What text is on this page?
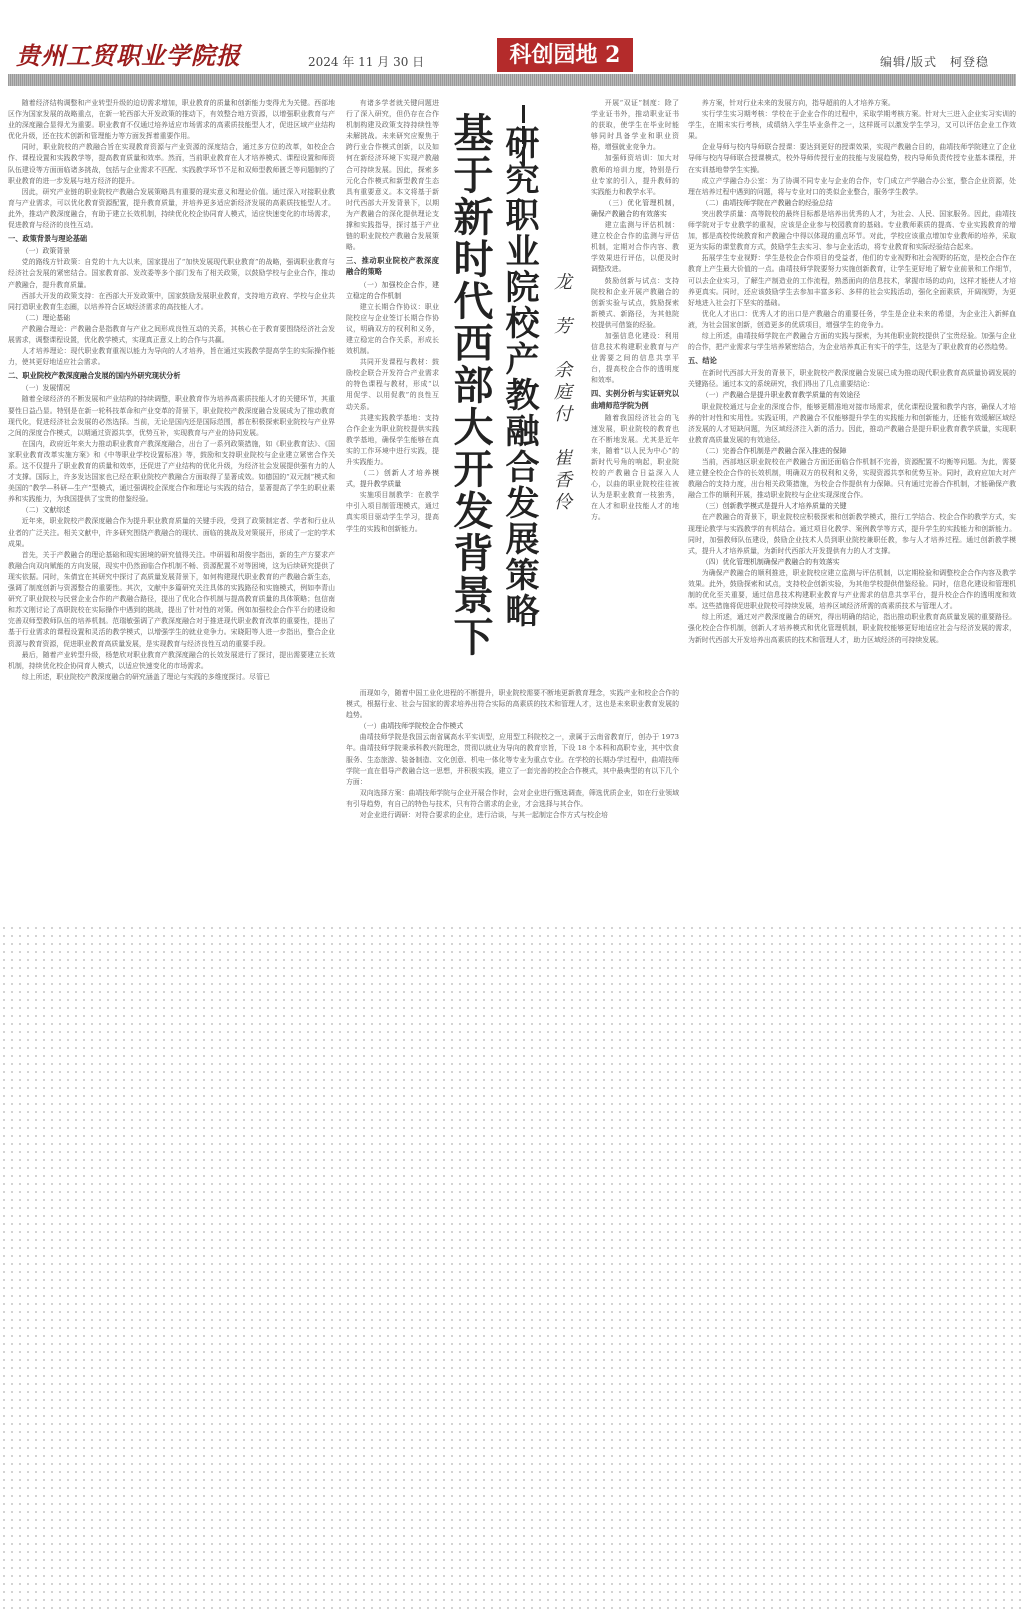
贵州工贸职业学院报	2024 年 11 月 30 日	科创园地 2	编辑/版式　柯登稳

随着经济结构调整和产业转型升级的迫切需求增加，职业教育的质量和创新能力变得尤为关键。西部地区作为国家发展的战略重点，在新一轮西部大开发政策的推动下，有效整合地方资源，以增强职业教育与产业的深度融合显得尤为重要。职业教育不仅通过培养适应市场需求的高素质技能型人才，促进区域产业结构优化升级，还在技术创新和管理能力等方面发挥着重要作用。

同时，职业院校的产教融合旨在实现教育资源与产业资源的深度结合，通过多方位的改革，如校企合作、课程设置和实践教学等，提高教育质量和效率。然而，当前职业教育在人才培养模式、课程设置和师资队伍建设等方面面临诸多挑战，包括与企业需求不匹配、实践教学环节不足和双师型教师匮乏等问题制约了职业教育的进一步发展与地方经济的提升。

因此，研究产业链的职业院校产教融合发展策略具有重要的现实意义和理论价值。通过深入对接职业教育与产业需求，可以优化教育资源配置，提升教育质量，并培养更多适应新经济发展的高素质技能型人才。此外，推动产教深度融合，有助于建立长效机制，持续优化校企协同育人模式，适应快速变化的市场需求，促进教育与经济的良性互动。

一、政策背景与理论基础
（一）政策背景

党的路线方针政策：自党的十九大以来，国家提出了“加快发展现代职业教育”的战略，强调职业教育与经济社会发展的紧密结合。国家教育部、发改委等多个部门发布了相关政策，以鼓励学校与企业合作，推动产教融合，提升教育质量。

西部大开发的政策支持：在西部大开发政策中，国家鼓励发展职业教育，支持地方政府、学校与企业共同打造职业教育生态圈，以培养符合区域经济需求的高技能人才。

（二）理论基础

产教融合理论：产教融合是指教育与产业之间形成良性互动的关系，其核心在于教育要围绕经济社会发展需求，调整课程设置，优化教学模式，实现真正意义上的合作与共赢。

人才培养理论：现代职业教育重视以能力为导向的人才培养，旨在通过实践教学提高学生的实际操作能力，使其更好地适应社会需求。

二、职业院校产教深度融合发展的国内外研究现状分析
（一）发展情况

随着全球经济的不断发展和产业结构的持续调整，职业教育作为培养高素质技能人才的关键环节，其重要性日益凸显。特别是在新一轮科技革命和产业变革的背景下，职业院校产教深度融合发展成为了推动教育现代化，促进经济社会发展的必然选择。当前，无论是国内还是国际范围，都在积极探索职业院校与产业界之间的深度合作模式，以期通过资源共享，优势互补，实现教育与产业的协同发展。

在国内，政府近年来大力推动职业教育产教深度融合，出台了一系列政策措施，如《职业教育法》、《国家职业教育改革实施方案》和《中等职业学校设置标准》等，鼓励和支持职业院校与企业建立紧密合作关系。这不仅提升了职业教育的质量和效率，还促进了产业结构的优化升级，为经济社会发展提供强有力的人才支撑。国际上，许多发达国家也已经在职业院校产教融合方面取得了显著成效。如德国的“双元制”模式和美国的“教学—科研—生产”型模式，通过强调校企深度合作和理论与实践的结合，显著提高了学生的职业素养和实践能力，为我国提供了宝贵的借鉴经验。

（二）文献综述

近年来，职业院校产教深度融合作为提升职业教育质量的关键手段，受到了政策制定者、学者和行业从业者的广泛关注。相关文献中，许多研究围绕产教融合的现状、面临的挑战及对策展开，形成了一定的学术成果。

首先，关于产教融合的理论基础和现实困境的研究值得关注。申研福和胡俊宇指出，新的生产方要求产教融合向双向赋能的方向发展，现实中仍然面临合作机制不畅、资源配置不对等困境，这为后续研究提供了现实依据。同时，朱倩宜在其研究中探讨了高质量发展背景下，如何构建现代职业教育的产教融合新生态，强调了制度创新与资源整合的重要性。其次，文献中多篇研究关注具体的实践路径和实施模式，例如李青山研究了职业院校与民营企业合作的产教融合路径，提出了优化合作机制与提高教育质量的具体策略；包信南和苏文刚讨论了高职院校在实际操作中遇到的挑战，提出了针对性的对策。例如加强校企合作平台的建设和完善双师型教师队伍的培养机制。范瑞敏强调了产教深度融合对于推进现代职业教育改革的重要性，提出了基于行业需求的课程设置和灵活的教学模式，以增强学生的就业竞争力。宋晓阳等人进一步指出，整合企业资源与教育资源，促进职业教育高质量发展，是实现教育与经济良性互动的重要手段。

最后，随着产业转型升级，杨楚欣对职业教育产教深度融合的长效发展进行了探讨，提出需要建立长效机制，持续优化校企协同育人模式，以适应快速变化的市场需求。

综上所述，职业院校产教深度融合的研究涵盖了理论与实践的多维度探讨。尽管已

有诸多学者就关键问题进行了深入研究，但仍存在合作机制构建及政策支持持续性等未解挑战。未来研究应聚焦于跨行业合作模式创新，以及如何在新经济环境下实现产教融合可持续发展。因此，探索多元化合作模式和新型教育生态具有重要意义。本文将基于新时代西部大开发背景下，以期为产教融合的深化提供理论支撑和实践指导，探讨基于产业链的职业院校产教融合发展策略。

三、推动职业院校产教深度融合的策略
（一）加强校企合作，建立稳定的合作机制

建立长期合作协议：职业院校应与企业签订长期合作协议，明确双方的权利和义务，建立稳定的合作关系，形成长效机制。

共同开发课程与教材：鼓励校企联合开发符合产业需求的特色课程与教材，形成“以用促学、以用促教”的良性互动关系。

共建实践教学基地：支持合作企业为职业院校提供实践教学基地，确保学生能够在真实的工作环境中进行实践，提升实践能力。

（二）创新人才培养模式，提升教学质量

实施项目制教学：在教学中引入项目制管理模式，通过真实项目驱动学生学习，提高学生的实践和创新能力。 基于新时代西部大开发背景下 研究职业院校产教融合发展策略 龙　芳　余庭付　崔香伶

开展“双证”制度：除了学业证书外，推动职业证书的获取，使学生在毕业时能够同时具备学业和职业资格，增强就业竞争力。

加强师资培训：加大对教师的培训力度，特别是行业专家的引入，提升教师的实践能力和教学水平。

（三）优化管理机制，确保产教融合的有效落实

建立监测与评估机制：建立校企合作的监测与评估机制，定期对合作内容、教学效果进行评估，以便及时调整改进。

鼓励创新与试点：支持院校和企业开展产教融合的创新实验与试点，鼓励探索新模式、新路径，为其他院校提供可借鉴的经验。

加强信息化建设：利用信息技术构建职业教育与产业需要之间的信息共享平台，提高校企合作的透明度和效率。

四、实例分析与实证研究以曲靖师范学院为例

随着我国经济社会的飞速发展，职业院校的教育也在不断地发展。尤其是近年来，随着“以人民为中心”的新时代号角的响起，职业院校的产教融合日益深入人心，以曲的职业院校往往被认为是职业教育一枝独秀，在人才和职业技能人才的地方。

而现如今，随着中国工业化进程的不断提升，职业院校需要不断地更新教育理念，实践产业和校企合作的模式，根据行业、社会与国家的需求培养出符合实际的高素质的技术和管理人才，这也是未来职业教育发展的趋势。

（一）曲靖技师学院校企合作模式

曲靖技师学院是我国云南省属高水平实训型，应用型工科院校之一，隶属于云南省教育厅，创办于 1973 年。曲靖技师学院秉承科教兴院理念，贯彻以就业为导向的教育宗旨，下设 18 个本科和高职专业，其中饮食服务、生态旅游、装备制造、文化创意、机电一体化等专业为重点专业。在学校的长期办学过程中，曲靖技师学院一直在倡导产教融合这一思想，并积极实践，建立了一套完善的校企合作模式，其中最典型的有以下几个方面：

双向选择方案：曲靖技师学院与企业开展合作时，会对企业进行甄选调查，筛选优质企业，如在行业领域有引导趋势，有自己的特色与技术，只有符合需求的企业，才会选择与其合作。

对企业进行调研：对符合要求的企业，进行洽谈，与其一起制定合作方式与校企培

养方案，针对行业未来的发展方向，指导超前的人才培养方案。

实行学生实习期考核：学校在于企业合作的过程中，采取学期考核方案。针对大三进入企业实习实训的学生，在期末实行考核，成绩纳入学生毕业条件之一，这样既可以激发学生学习，又可以评估企业工作效果。

企业导师与校内导师联合授课：要达到更好的授课效果，实现产教融合目的，曲靖技师学院建立了企业导师与校内导师联合授课模式，校外导师传授行业的技能与发展趋势，校内导师负责传授专业基本课程，并在实训基地带学生实操。

成立产学融合办公室：为了协调不同专业与企业的合作，专门成立产学融合办公室，整合企业资源，处理在培养过程中遇到的问题，将与专业对口的类似企业整合，服务学生教学。

（二）曲靖技师学院在产教融合的经验总结

突出教学质量：高等院校的最终目标都是培养出优秀的人才，为社会、人民、国家服务。因此，曲靖技师学院对于专业教学的重视，应该是企业参与校园教育的基础。专业教师素质的提高、专业实践教育的增加，都是高校传统教育和产教融合中得以体现的重点环节。对此，学校应该重点增加专业教师的培养，采取更为实际的课堂教育方式，鼓励学生去实习、参与企业活动，将专业教育和实际经验结合起来。

拓展学生专业视野：学生是校企合作项目的受益者，他们的专业视野和社会视野的拓宽，是校企合作在教育上产生最大价值的一点。曲靖技师学院要努力实施创新教育，让学生更好地了解专业前景和工作细节，可以去企业实习，了解生产制造业的工作流程，熟悉面向的信息技术，掌握市场的动向，这样才能使人才培养更真实。同时，还应该鼓励学生去参加丰富多彩、多样的社会实践活动，强化全面素质，开阔视野，为更好地进入社会打下坚实的基础。

优化人才出口：优秀人才的出口是产教融合的重要任务，学生是企业未来的希望，为企业注入新鲜血液，为社会国家创新，创造更多的优质项目，增强学生的竞争力。

综上所述，曲靖技师学院在产教融合方面的实践与探索，为其他职业院校提供了宝贵经验。加强与企业的合作，把产业需求与学生培养紧密结合，为企业培养真正有实干的学生，这是为了职业教育的必然趋势。

五、结论

在新时代西部大开发的背景下，职业院校产教深度融合发展已成为推动现代职业教育高质量协调发展的关键路径。通过本文的系统研究，我们得出了几点重要结论：

（一）产教融合是提升职业教育教学质量的有效途径

职业院校通过与企业的深度合作，能够更精准地对接市场需求，优化课程设置和教学内容，确保人才培养的针对性和实用性。实践证明，产教融合不仅能够提升学生的实践能力和创新能力，还能有效缓解区域经济发展的人才短缺问题，为区域经济注入新的活力。因此，推动产教融合是提升职业教育教学质量，实现职业教育高质量发展的有效途径。

（二）完善合作机制是产教融合深入推进的保障

当前，西部地区职业院校在产教融合方面还面临合作机制不完善，资源配置不均衡等问题。为此，需要建立健全校企合作的长效机制，明确双方的权利和义务，实现资源共享和优势互补。同时，政府应加大对产教融合的支持力度，出台相关政策措施，为校企合作提供有力保障。只有通过完善合作机制，才能确保产教融合工作的顺利开展，推动职业院校与企业实现深度合作。

（三）创新教学模式是提升人才培养质量的关键

在产教融合的背景下，职业院校应积极探索和创新教学模式，推行工学结合、校企合作的教学方式，实现理论教学与实践教学的有机结合。通过项目化教学、案例教学等方式，提升学生的实践能力和创新能力。同时，加强教师队伍建设，鼓励企业技术人员到职业院校兼职任教，参与人才培养过程。通过创新教学模式，提升人才培养质量，为新时代西部大开发提供有力的人才支撑。

（四）优化管理机制确保产教融合的有效落实

为确保产教融合的顺利推进，职业院校应建立监测与评估机制，以定期检验和调整校企合作内容及教学效果。此外，鼓励探索和试点，支持校企创新实验，为其他学校提供借鉴经验。同时，信息化建设和管理机制的优化至关重要，通过信息技术构建职业教育与产业需求的信息共享平台，提升校企合作的透明度和效率。这些措施将促进职业院校可持续发展，培养区域经济所需的高素质技术与管理人才。

综上所述，通过对产教深度融合的研究，得出明确的结论，指出推动职业教育高质量发展的重要路径。强化校企合作机制，创新人才培养模式和优化管理机制，职业院校能够更好地适应社会与经济发展的需求，为新时代西部大开发培养出高素质的技术和管理人才，助力区域经济的可持续发展。
